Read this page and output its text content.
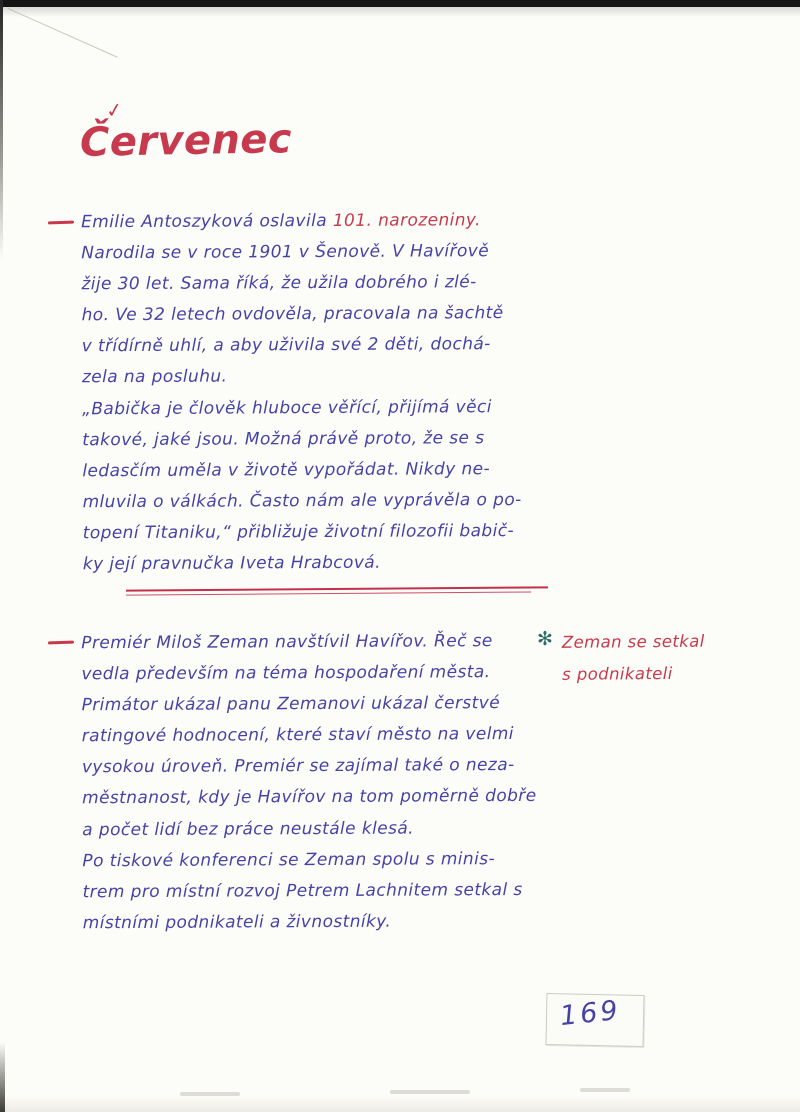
✓
Červenec
Emilie Antoszyková oslavila 101. narozeniny.
Narodila se v roce 1901 v Šenově. V Havířově
žije 30 let. Sama říká, že užila dobrého i zlé-
ho. Ve 32 letech ovdověla, pracovala na šachtě
v třídírně uhlí, a aby uživila své 2 děti, dochá-
zela na posluhu.
„Babička je člověk hluboce věřící, přijímá věci
takové, jaké jsou. Možná právě proto, že se s
ledasčím uměla v životě vypořádat. Nikdy ne-
mluvila o válkách. Často nám ale vyprávěla o po-
topení Titaniku,“ přibližuje životní filozofii babič-
ky její pravnučka Iveta Hrabcová.
Premiér Miloš Zeman navštívil Havířov. Řeč se
vedla především na téma hospodaření města.
Primátor ukázal panu Zemanovi ukázal čerstvé
ratingové hodnocení, které staví město na velmi
vysokou úroveň. Premiér se zajímal také o neza-
městnanost, kdy je Havířov na tom poměrně dobře
a počet lidí bez práce neustále klesá.
Po tiskové konferenci se Zeman spolu s minis-
trem pro místní rozvoj Petrem Lachnitem setkal s
místními podnikateli a živnostníky.
✻ Zeman se setkal
s podnikateli
169
